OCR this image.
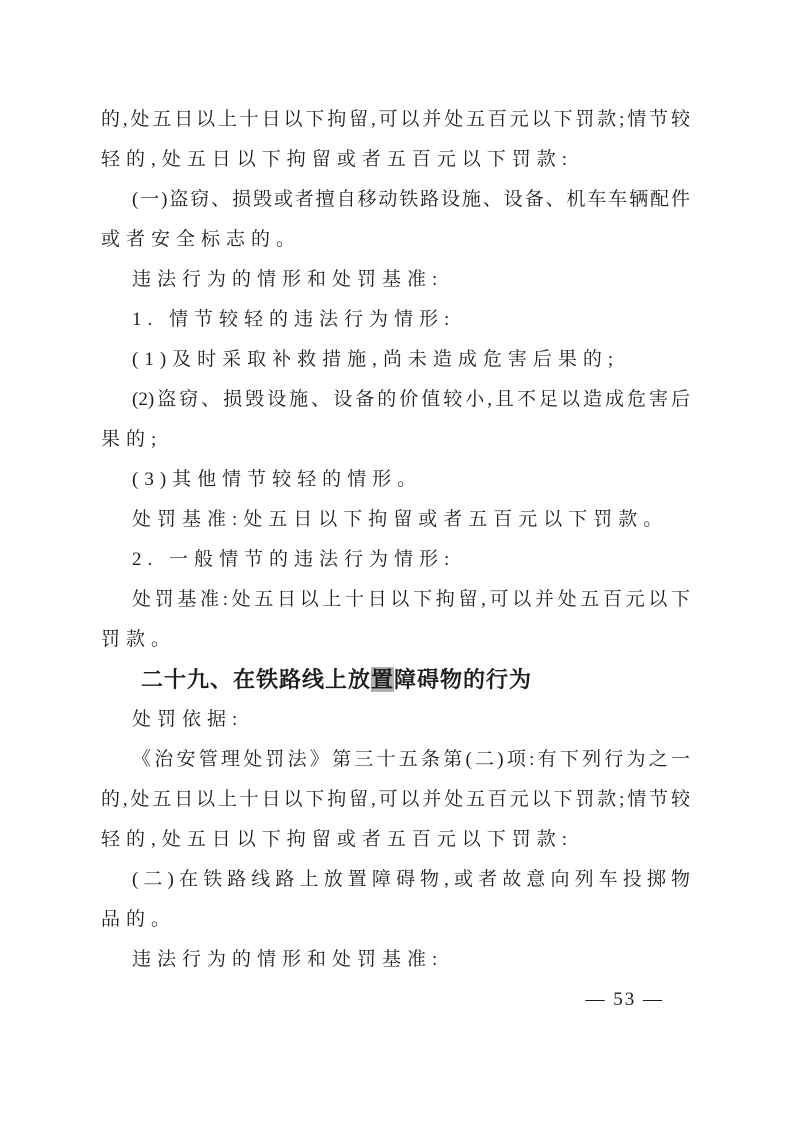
的,处五日以上十日以下拘留,可以并处五百元以下罚款;情节较
轻的,处五日以下拘留或者五百元以下罚款:
(一)盗窃、损毁或者擅自移动铁路设施、设备、机车车辆配件
或者安全标志的。
违法行为的情形和处罚基准:
1. 情节较轻的违法行为情形:
(1)及时采取补救措施,尚未造成危害后果的;
(2)盗窃、损毁设施、设备的价值较小,且不足以造成危害后
果的;
(3)其他情节较轻的情形。
处罚基准:处五日以下拘留或者五百元以下罚款。
2. 一般情节的违法行为情形:
处罚基准:处五日以上十日以下拘留,可以并处五百元以下
罚款。
二十九、在铁路线上放置障碍物的行为
处罚依据:
《治安管理处罚法》第三十五条第(二)项:有下列行为之一
的,处五日以上十日以下拘留,可以并处五百元以下罚款;情节较
轻的,处五日以下拘留或者五百元以下罚款:
(二)在铁路线路上放置障碍物,或者故意向列车投掷物
品的。
违法行为的情形和处罚基准:
— 53 —
